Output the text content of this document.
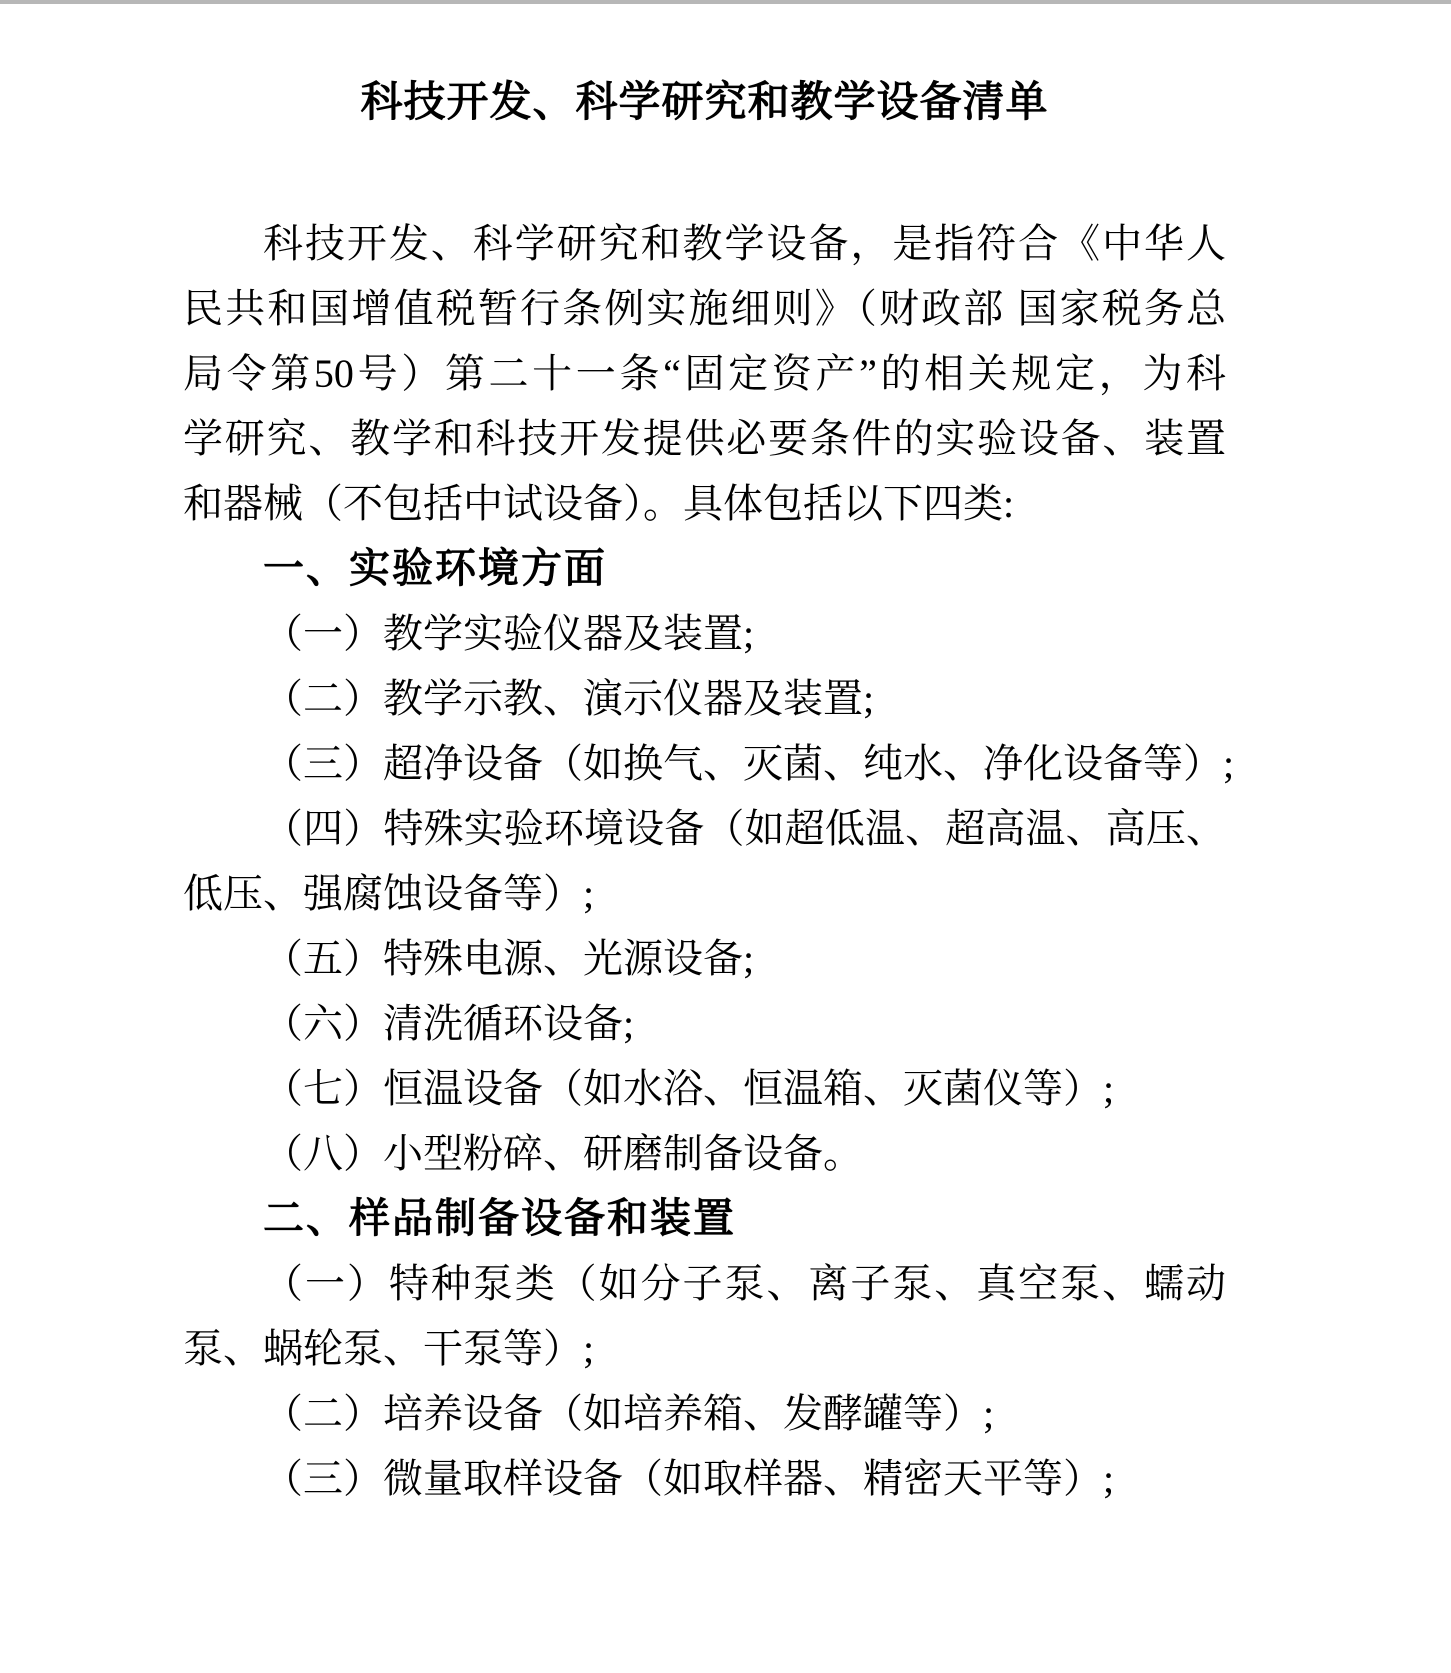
科技开发、科学研究和教学设备清单
科技开发、科学研究和教学设备，是指符合《中华人
民共和国增值税暂行条例实施细则》（财政部 国家税务总
局令第50号）第二十一条“固定资产”的相关规定，为科
学研究、教学和科技开发提供必要条件的实验设备、装置
和器械（不包括中试设备）。具体包括以下四类:
一、实验环境方面
（一）教学实验仪器及装置;
（二）教学示教、演示仪器及装置;
（三）超净设备（如换气、灭菌、纯水、净化设备等）;
（四）特殊实验环境设备（如超低温、超高温、高压、
低压、强腐蚀设备等）;
（五）特殊电源、光源设备;
（六）清洗循环设备;
（七）恒温设备（如水浴、恒温箱、灭菌仪等）;
（八）小型粉碎、研磨制备设备。
二、样品制备设备和装置
（一）特种泵类（如分子泵、离子泵、真空泵、蠕动
泵、蜗轮泵、干泵等）;
（二）培养设备（如培养箱、发酵罐等）;
（三）微量取样设备（如取样器、精密天平等）;
